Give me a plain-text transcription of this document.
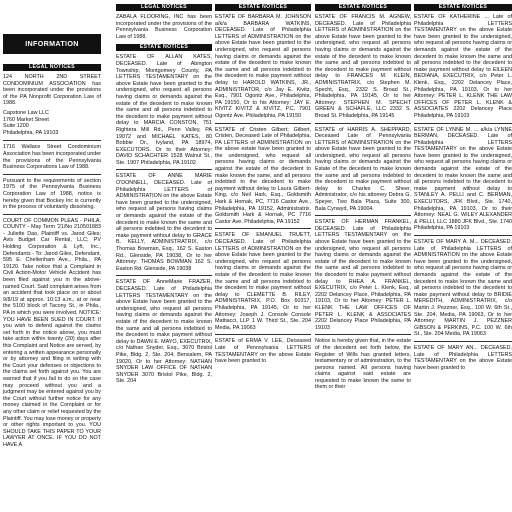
INFORMATION
LEGAL NOTICES

124 NORTH 2ND STREET CONDOMINIUM ASSOCIATION has been incorporated under the provisions of the PA Nonprofit Corporation Law of 1988.

Capstone Law LLC
1760 Market Street
Suite 1200
Philadelphia, PA 19103

1716 Wallace Street Condominium Association has been incorporated under the provisions of the Pennsylvania Business Corporations Law of 1988.

Pursuant to the requirements of section 1975 of the Pennsylvania Business Corporation Law of 1988, notice is hereby given that Bockey Inc is currently in the process of voluntarily dissolving.

COURT OF COMMON PLEAS - PHILA. COUNTY - May Term '21/No 210501883 - Juliette Dao, Plaintiff vs. Jarod Giles; Avis Budget Car Rental, LLC; PV Holding Corporation & Lyft, Inc., Defendants - To: Jarod Giles, Defendant, 595 E. Cheltenham Ave., Phila., PA 19120. Take notice that a Complaint in Civil Action-Motor Vehicle Accident has been filed against you in the above-named Court. Said complaint arises from an accident that took place on or about 9/8/19 at approx. 10:13 a.m., at or near the 5100 block of Tacony St., in Phila., PA in which you were involved. NOTICE: YOU HAVE BEEN SUED IN COURT. If you wish to defend against the claims set forth in the notice above, you must take action within twenty (20) days after this Complaint and Notice are served, by entering a written appearance personally or by attorney and filing in writing with the Court your defenses or objections to the claims set forth against you. You are warned that if you fail to do so the case may proceed without you and a judgment may be entered against you by the Court without further notice for any money claimed in the Complaint or for any other claim or relief requested by the Plaintiff. You may lose money or property or other rights important to you. YOU SHOULD TAKE THIS PAPER TO YOUR LAWYER AT ONCE. IF YOU DO NOT HAVE A

LEGAL NOTICES

ZABALA FLOORING, INC has been incorporated under the provisions of the Pennsylvania Business Corporation Law of 1988.

ESTATE NOTICES

ESTATE OF ALLAN KATES, DECEASED. Late of Abington Township, Montgomery County, PA LETTERS TESTAMENTARY on the above Estate have been granted to the undersigned, who request all persons having claims or demands against the estate of the decedent to make known the same and all persons indebted to the decedent to make payment without delay to MARCIA CONSTON, 751 Rightera Mill Rd., Penn Valley, PA 19072 and MICHAEL KATES, 80 Bobbie Dr., Ivyland, PA 18974, EXECUTORS. Or to their Attorney: DAVID SCHACHTER 1528 Walnut St., Ste. 1907 Philadelphia, PA 19102

ESTATE OF ANNE MARIE O'DONNELL, DECEASED. Late of Philadelphia LETTERS of ADMINISTRATION on the above Estate have been granted to the undersigned, who request all persons having claims or demands against the estate of the decedent to make known the same and all persons indebted to the decedent to make payment without delay to GRACE B. KELLY, ADMINISTRATRIX, c/o Thomas Bowman, Esq., 162 S. Easton Rd., Glenside, PA 19038, Or to her Attorney: THOMAS BOWMAN 162 S. Easton Rd. Glenside, PA 19038

ESTATE OF AnneMarie FRAZER, DECEASED. Late of Philadelphia LETTERS TESTAMENTARY on the above Estate have been granted to the undersigned, who request all persons having claims or demands against the estate of the decedent to make known the same and all persons indebted to the decedent to make payment without delay to DAWN E. MAYO, EXECUTRIX, c/o Nathan Snyder, Esq., 3070 Bristol Pike, Bldg. 2, Ste. 204, Bensalem, PA 19020, Or to her Attorney: NATHAN SNYDER LAW OFFICE OF NATHAN SNYDER 3070 Bristol Pike, Bldg. 2, Ste. 204

ESTATE NOTICES

ESTATE OF BARBARA M. JOHNSON a/k/a BARBARA WATKINS, DECEASED. Late of Philadelphia LETTERS of ADMINISTRATION on the above Estate have been granted to the undersigned, who request all persons having claims or demands against the estate of the decedent to make known the same and all persons indebted to the decedent to make payment without delay to HAROLD WATKINS, JR., ADMINISTRATOR, c/o Jay E. Kivitz, Esq., 7901 Ogontz Ave., Philadelphia, PA 19150, Or to his Attorney: JAY E. KIVITZ KIVITZ & KIVITZ, P.C. 7901 Ogontz Ave. Philadelphia, PA 19150

ESTATE of Cristen Gilbert; Gilbert, Cristen, Deceased Late of Philadelphia, PA LETTERS of ADMINISTRATION on the above estate have been granted to the undersigned, who request all persons having claims or demands against the estate of the decedent to make known the same, and all persons indebted to the decedent to make payment without delay to Laura Gilbert-King, c/o Neil Hark, Esq., Goldsmith Hark & Hornak, PC, 7716 Castor Ave., Philadelphia, PA 19152, Administratrix. Goldsmith Hark & Hornak, PC 7716 Castor Ave. Philadelphia, PA 19152

ESTATE OF EMANUEL TRUETT, DECEASED. Late of Philadelphia LETTERS of ADMINISTRATION on the above Estate have been granted to the undersigned, who request all persons having claims or demands against the estate of the decedent to make known the same and all persons indebted to the decedent to make payment without delay to CLEMETTE B. RILEY, ADMINISTRATRIX, P.O. Box 60317, Philadelphia, PA 19145, Or to her Attorney: Joseph J. Console Console Mattiacci, LLP 1 W. Third St., Ste. 204 Media, PA 19063

ESTATE of ERMA V. LEE, Deceased Late of Pennsylvania LETTERS TESTAMENTARY on the above Estate have been granted to

ESTATE NOTICES

ESTATE OF FRANCIS M. AGNEW, DECEASED. Late of Philadelphia LETTERS of ADMINISTRATION on the above Estate have been granted to the undersigned, who request all persons having claims or demands against the estate of the decedent to make known the same and all persons indebted to the decedent to make payment without delay to FRANCES M. KLEIN, ADMINISTRATRIX, c/o Stephen M. Specht, Esq., 2332 S. Broad St., Philadelphia, PA 19145, Or to her Attorney: STEPHEN M. SPECHT GREEN & SCHAFLE, LLC 2332 S. Broad St. Philadelphia, PA 19145

ESTATE of HARRIS A. SHEPPARD, Deceased Late of Pennsylvania LETTERS of ADMINISTRATION on the above Estate have been granted to the undersigned, who request all persons having claims or demands against the Estate of the decedent to make known the same and all persons indebted to the decedent to make payment without delay to Charles C. Sheer, Administrator, c/o his attorney Debra G. Speyer, Two Bala Plaza, Suite 300, Bala Cynwyd, PA 19004.

ESTATE OF HERMAN FRANKEL, DECEASED. Late of Philadelphia LETTERS TESTAMENTARY on the above Estate have been granted to the undersigned, who request all persons having claims or demands against the estate of the decedent to make known the same and all persons indebted to the decedent to make payment without delay to RHEA A. FRANKEL, EXECUTRIX, c/o Peter L. Klenk, Esq., 2202 Delancey Place, Philadelphia, PA 19103, Or to her Attorney: PETER L. KLENK THE LAW OFFICES OF PETER L. KLENK & ASSOCIATES 2202 Delancey Place Philadelphia, PA 19103

Notice is hereby given that, in the estate of the decedent set forth below, the Register of Wills has granted letters, testamentary or of administration, to the persons named. All persons having claims against said estate are requested to make known the same to them or their

ESTATE NOTICES

ESTATE OF KATHERINE ... Late of Philadelphia LETTERS TESTAMENTARY on the above Estate have been granted to the undersigned, who request all persons having claims or demands against the estate of the decedent to make known the same and all persons indebted to the decedent to make payment without delay to EILEEN BEDIANA, EXECUTRIX, c/o Peter L. Klenk, Esq., 2202 Delancey Place, Philadelphia, PA 19103, Or to her Attorney: PETER L. KLENK THE LAW OFFICES OF PETER L. KLENK & ASSOCIATES 2202 Delancey Place Philadelphia, PA 19103

ESTATE OF LYNNE M. ... a/k/a LYNNE BERMAN, DECEASED. Late of Philadelphia LETTERS TESTAMENTARY on the above Estate have been granted to the undersigned, who request all persons having claims or demands against the estate of the decedent to make known the same and all persons indebted to the decedent to make payment without delay to STANLEY A. PELLI and C. BERMAN, EXECUTORS, JFK Blvd., Ste. 1740, Philadelphia, PA 19103, Or to their Attorney: NEAL G. WILEY ALEXANDER & PELLI, LLC 1880 JFK Blvd., Ste. 1740 Philadelphia, PA 19103

ESTATE OF MARY A. M... DECEASED. Late of Philadelphia LETTERS of ADMINISTRATION on the above Estate have been granted to the undersigned, who request all persons having claims or demands against the estate of the decedent to make known the same and all persons indebted to the decedent to make payment without delay to BRIDIE MEREDITH, ADMINISTRATRIX, c/o Martin J. Pezzner, Esq., 100 W. 6th St., Ste. 204, Media, PA 19063, Or to her Attorney: MARTIN J. PEZZNER GIBSON & PERKINS, P.C. 100 W. 6th St., Ste. 204 Media, PA 19063

ESTATE OF MARY AN... DECEASED. Late of Philadelphia LETTERS TESTAMENTARY on the above Estate have been granted to
